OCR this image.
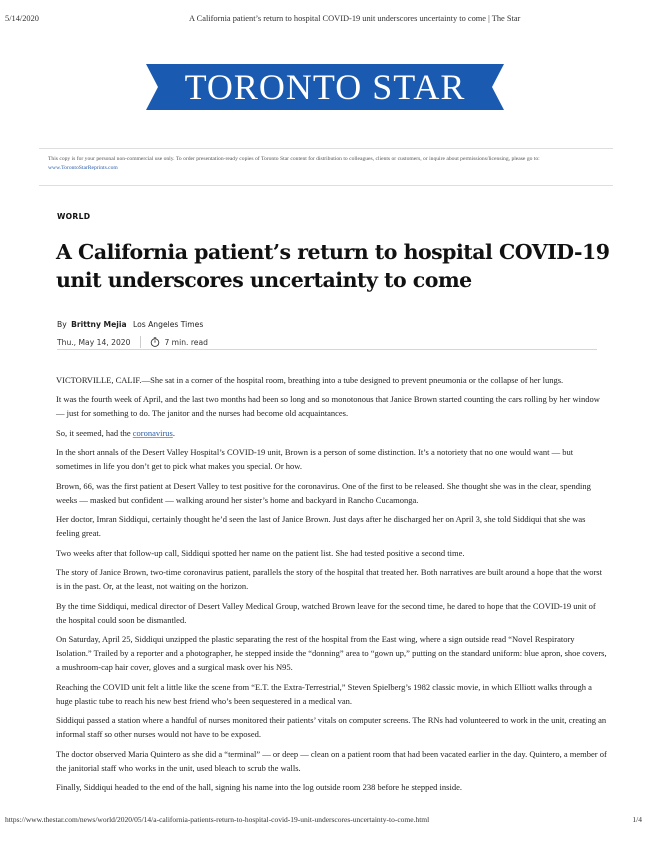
5/14/2020	A California patient’s return to hospital COVID-19 unit underscores uncertainty to come | The Star
TORONTO STAR
This copy is for your personal non-commercial use only. To order presentation-ready copies of Toronto Star content for distribution to colleagues, clients or customers, or inquire about permissions/licensing, please go to: www.TorontoStarReprints.com
WORLD
A California patient’s return to hospital COVID-19 unit underscores uncertainty to come
By Brittny Mejia Los Angeles Times
Thu., May 14, 2020	7 min. read

VICTORVILLE, CALIF.—She sat in a corner of the hospital room, breathing into a tube designed to prevent pneumonia or the collapse of her lungs.

It was the fourth week of April, and the last two months had been so long and so monotonous that Janice Brown started counting the cars rolling by her window — just for something to do. The janitor and the nurses had become old acquaintances.

So, it seemed, had the coronavirus.

In the short annals of the Desert Valley Hospital’s COVID-19 unit, Brown is a person of some distinction. It’s a notoriety that no one would want — but sometimes in life you don’t get to pick what makes you special. Or how.

Brown, 66, was the first patient at Desert Valley to test positive for the coronavirus. One of the first to be released. She thought she was in the clear, spending weeks — masked but confident — walking around her sister’s home and backyard in Rancho Cucamonga.

Her doctor, Imran Siddiqui, certainly thought he’d seen the last of Janice Brown. Just days after he discharged her on April 3, she told Siddiqui that she was feeling great.

Two weeks after that follow-up call, Siddiqui spotted her name on the patient list. She had tested positive a second time.

The story of Janice Brown, two-time coronavirus patient, parallels the story of the hospital that treated her. Both narratives are built around a hope that the worst is in the past. Or, at the least, not waiting on the horizon.

By the time Siddiqui, medical director of Desert Valley Medical Group, watched Brown leave for the second time, he dared to hope that the COVID-19 unit of the hospital could soon be dismantled.

On Saturday, April 25, Siddiqui unzipped the plastic separating the rest of the hospital from the East wing, where a sign outside read “Novel Respiratory Isolation.” Trailed by a reporter and a photographer, he stepped inside the “donning” area to “gown up,” putting on the standard uniform: blue apron, shoe covers, a mushroom-cap hair cover, gloves and a surgical mask over his N95.

Reaching the COVID unit felt a little like the scene from “E.T. the Extra-Terrestrial,” Steven Spielberg’s 1982 classic movie, in which Elliott walks through a huge plastic tube to reach his new best friend who’s been sequestered in a medical van.

Siddiqui passed a station where a handful of nurses monitored their patients’ vitals on computer screens. The RNs had volunteered to work in the unit, creating an informal staff so other nurses would not have to be exposed.

The doctor observed Maria Quintero as she did a “terminal” — or deep — clean on a patient room that had been vacated earlier in the day. Quintero, a member of the janitorial staff who works in the unit, used bleach to scrub the walls.

Finally, Siddiqui headed to the end of the hall, signing his name into the log outside room 238 before he stepped inside.

https://www.thestar.com/news/world/2020/05/14/a-california-patients-return-to-hospital-covid-19-unit-underscores-uncertainty-to-come.html	1/4
